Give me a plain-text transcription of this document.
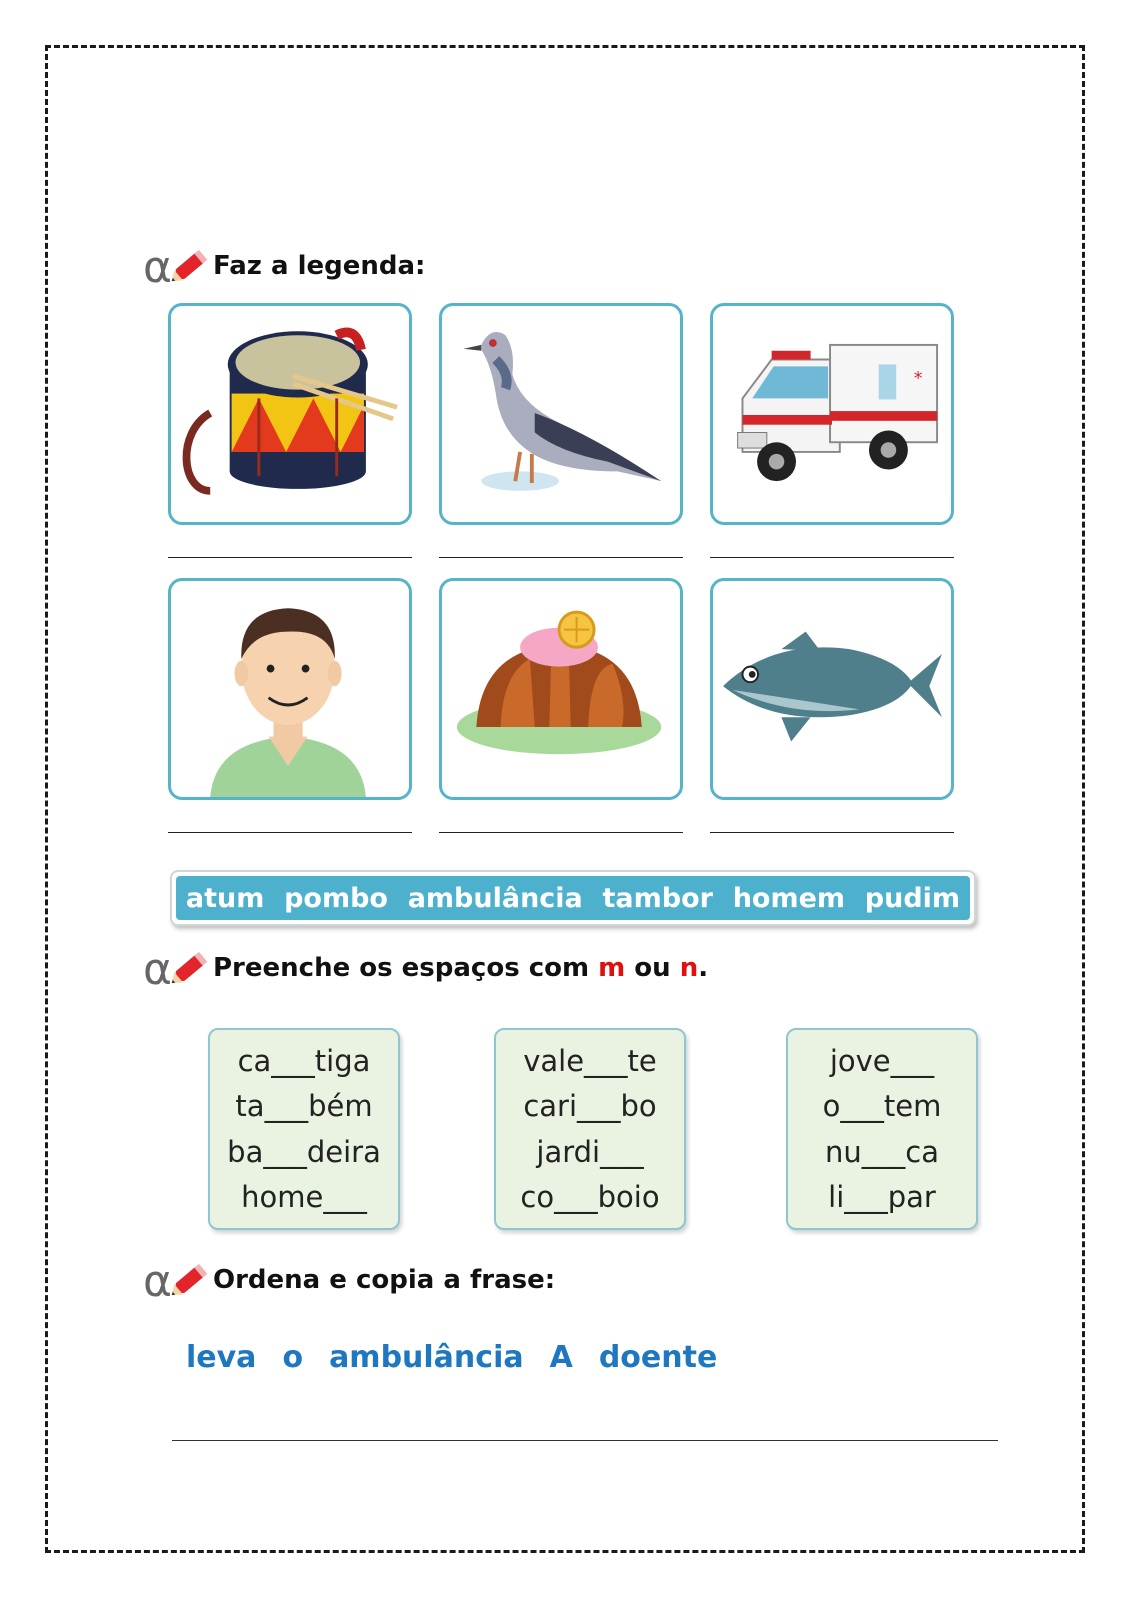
α Faz a legenda:
*
atum pombo ambulância tambor homem pudim
α Preenche os espaços com m ou n.
ca___tiga
ta___bém
ba___deira
home___
vale___te
cari___bo
jardi___
co___boio
jove___
o___tem
nu___ca
li___par
α Ordena e copia a frase:
leva o ambulância A doente
